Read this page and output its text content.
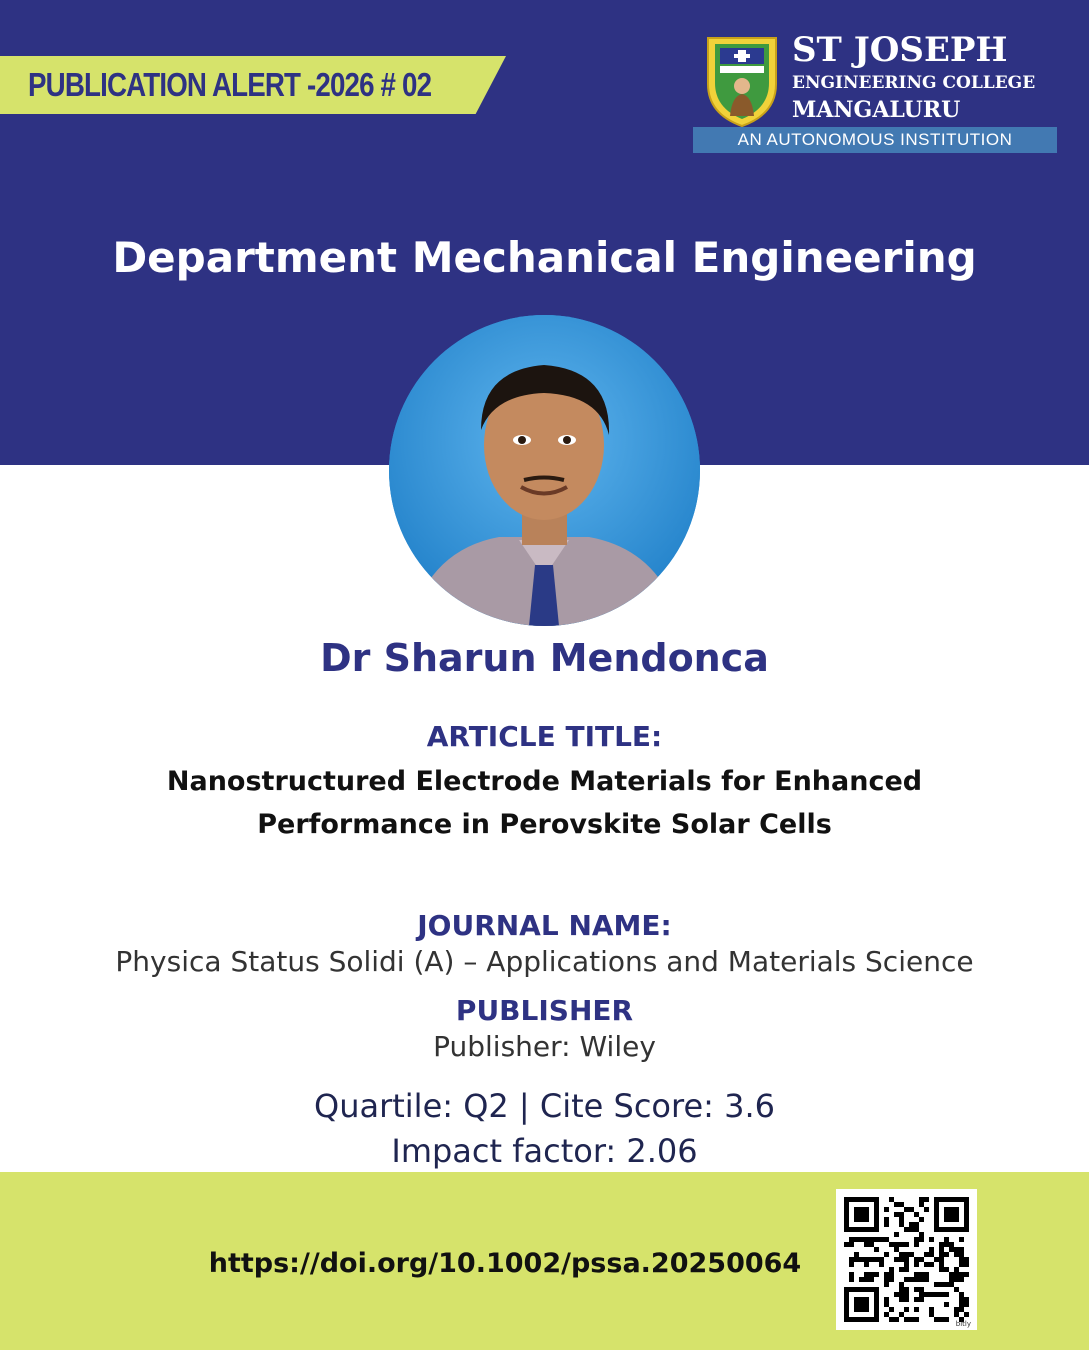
PUBLICATION ALERT -2026 # 02
ST JOSEPH
ENGINEERING COLLEGE
MANGALURU
AN AUTONOMOUS INSTITUTION
Department Mechanical Engineering
Dr Sharun Mendonca
ARTICLE TITLE:
Nanostructured Electrode Materials for Enhanced Performance in Perovskite Solar Cells
JOURNAL NAME:
Physica Status Solidi (A) – Applications and Materials Science
PUBLISHER
Publisher: Wiley
Quartile: Q2 | Cite Score: 3.6
Impact factor: 2.06
https://doi.org/10.1002/pssa.20250064
bitly
